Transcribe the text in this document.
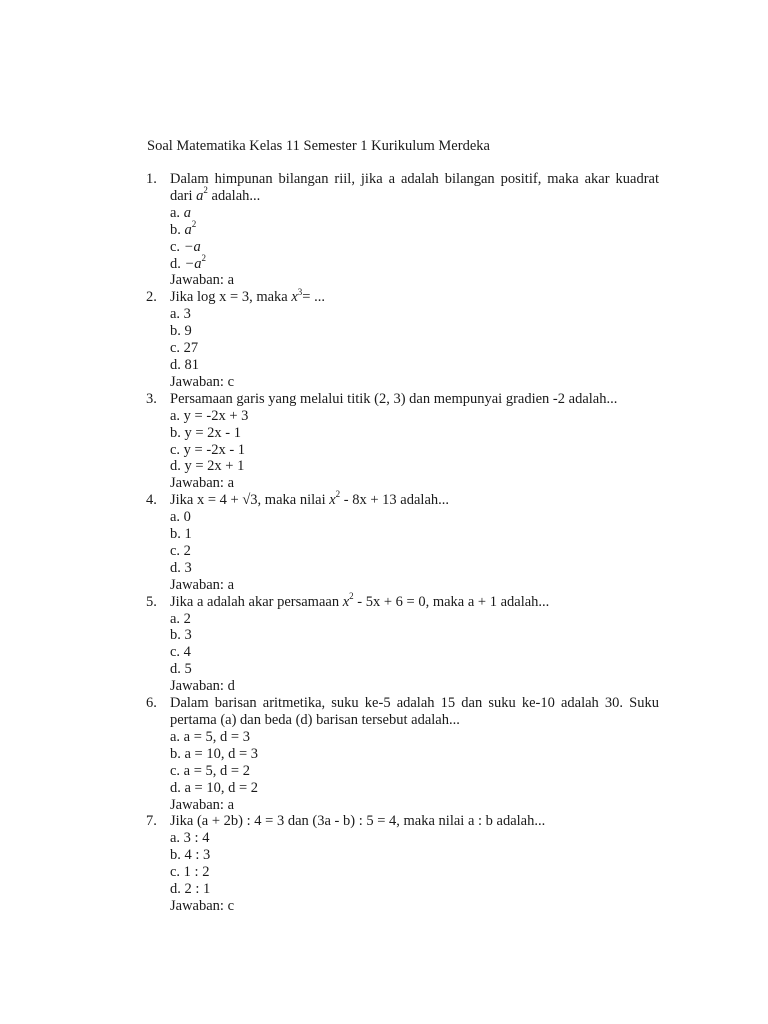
Soal Matematika Kelas 11 Semester 1 Kurikulum Merdeka
1. Dalam himpunan bilangan riil, jika a adalah bilangan positif, maka akar kuadrat dari $a^2$ adalah...
a. a
b. $a^2$
c. −a
d. $-a^2$
Jawaban: a
2. Jika log x = 3, maka $x^3=$ ...
a. 3
b. 9
c. 27
d. 81
Jawaban: c
3. Persamaan garis yang melalui titik (2, 3) dan mempunyai gradien -2 adalah...
a. y = -2x + 3
b. y = 2x - 1
c. y = -2x - 1
d. y = 2x + 1
Jawaban: a
4. Jika x = 4 + √3, maka nilai $x^2 - 8x + 13$ adalah...
a. 0
b. 1
c. 2
d. 3
Jawaban: a
5. Jika a adalah akar persamaan $x^2 - 5x + 6 = 0$, maka a + 1 adalah...
a. 2
b. 3
c. 4
d. 5
Jawaban: d
6. Dalam barisan aritmetika, suku ke-5 adalah 15 dan suku ke-10 adalah 30. Suku pertama (a) dan beda (d) barisan tersebut adalah...
a. a = 5, d = 3
b. a = 10, d = 3
c. a = 5, d = 2
d. a = 10, d = 2
Jawaban: a
7. Jika (a + 2b) : 4 = 3 dan (3a - b) : 5 = 4, maka nilai a : b adalah...
a. 3 : 4
b. 4 : 3
c. 1 : 2
d. 2 : 1
Jawaban: c
